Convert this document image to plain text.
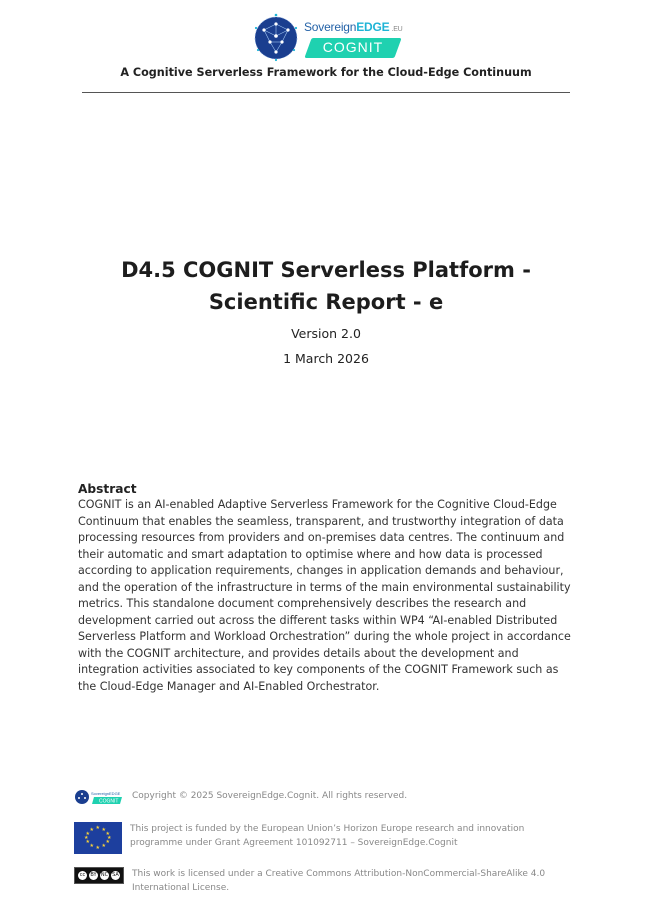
SovereignEDGE .EU
COGNIT
A Cognitive Serverless Framework for the Cloud-Edge Continuum
D4.5 COGNIT Serverless Platform -
Scientific Report - e
Version 2.0
1 March 2026
Abstract
COGNIT is an AI-enabled Adaptive Serverless Framework for the Cognitive Cloud-Edge Continuum that enables the seamless, transparent, and trustworthy integration of data processing resources from providers and on-premises data centres. The continuum and their automatic and smart adaptation to optimise where and how data is processed according to application requirements, changes in application demands and behaviour, and the operation of the infrastructure in terms of the main environmental sustainability metrics. This standalone document comprehensively describes the research and development carried out across the different tasks within WP4 “AI-enabled Distributed Serverless Platform and Workload Orchestration” during the whole project in accordance with the COGNIT architecture, and provides details about the development and integration activities associated to key components of the COGNIT Framework such as the Cloud-Edge Manager and AI-Enabled Orchestrator.
SovereignEDGE
COGNIT
Copyright © 2025 SovereignEdge.Cognit. All rights reserved.
★ ★
★
★
★
★
★
★
★
★
★
★	This project is funded by the European Union’s Horizon Europe research and innovation programme under Grant Agreement 101092711 – SovereignEdge.Cognit
cc	BY NC SA This work is licensed under a Creative Commons Attribution-NonCommercial-ShareAlike 4.0 International License.
